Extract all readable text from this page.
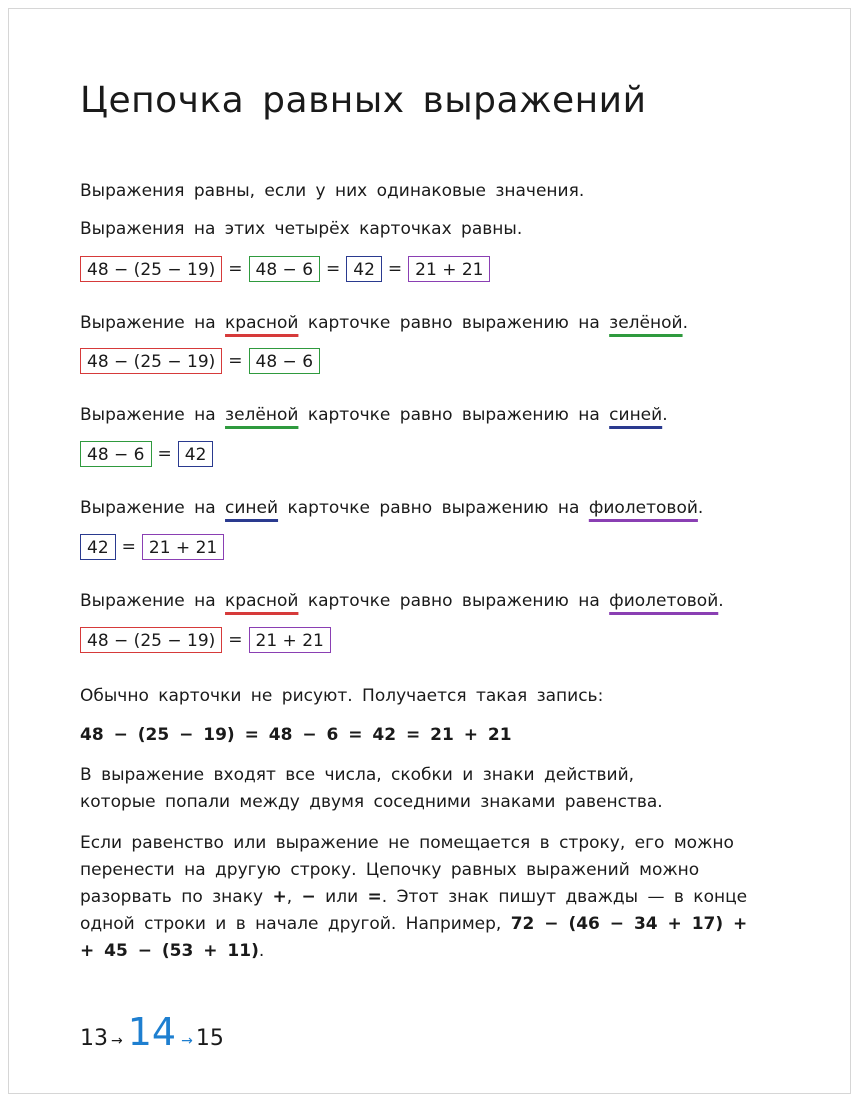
Цепочка равных выражений
Выражения равны, если у них одинаковые значения.
Выражения на этих четырёх карточках равны.
48 − (25 − 19) = 48 − 6 = 42 = 21 + 21
Выражение на красной карточке равно выражению на зелёной.
48 − (25 − 19) = 48 − 6
Выражение на зелёной карточке равно выражению на синей.
48 − 6 = 42
Выражение на синей карточке равно выражению на фиолетовой.
42 = 21 + 21
Выражение на красной карточке равно выражению на фиолетовой.
48 − (25 − 19) = 21 + 21
Обычно карточки не рисуют. Получается такая запись:
48 − (25 − 19) = 48 − 6 = 42 = 21 + 21
В выражение входят все числа, скобки и знаки действий,
которые попали между двумя соседними знаками равенства.
Если равенство или выражение не помещается в строку, его можно
перенести на другую строку. Цепочку равных выражений можно
разорвать по знаку +, − или =. Этот знак пишут дважды — в конце
одной строки и в начале другой. Например, 72 − (46 − 34 + 17) +
+ 45 − (53 + 11).
13 → 14 → 15
